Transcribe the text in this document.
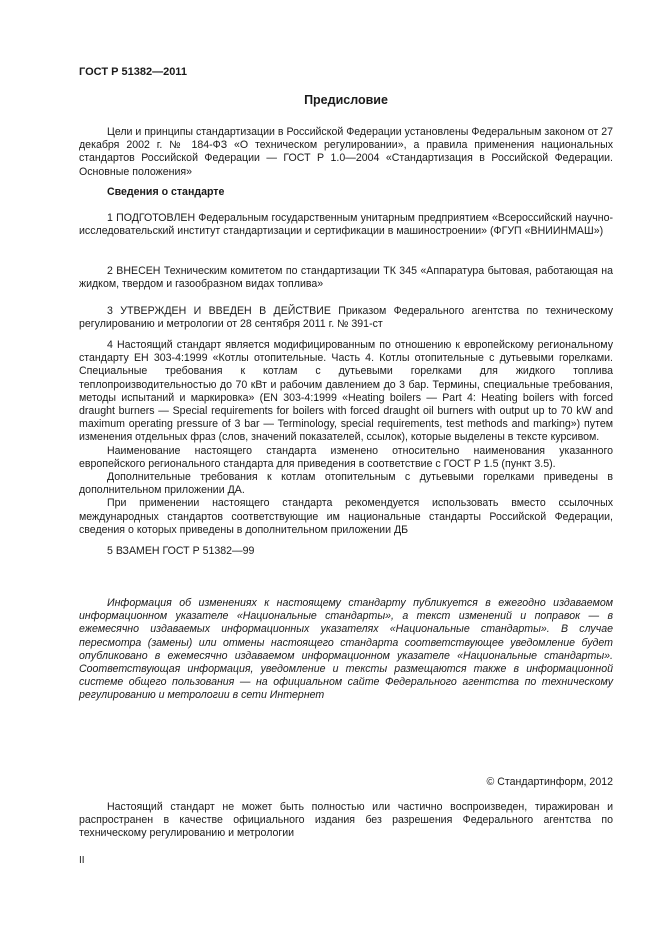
ГОСТ Р 51382—2011
Предисловие

Цели и принципы стандартизации в Российской Федерации установлены Федеральным законом от 27 декабря 2002 г. № 184-ФЗ «О техническом регулировании», а правила применения национальных стандартов Российской Федерации — ГОСТ Р 1.0—2004 «Стандартизация в Российской Федерации. Основные положения»

Сведения о стандарте

1 ПОДГОТОВЛЕН Федеральным государственным унитарным предприятием «Всероссийский научно-исследовательский институт стандартизации и сертификации в машиностроении» (ФГУП «ВНИИНМАШ»)

2 ВНЕСЕН Техническим комитетом по стандартизации ТК 345 «Аппаратура бытовая, работающая на жидком, твердом и газообразном видах топлива»

3 УТВЕРЖДЕН И ВВЕДЕН В ДЕЙСТВИЕ Приказом Федерального агентства по техническому регулированию и метрологии от 28 сентября 2011 г. № 391-ст

4 Настоящий стандарт является модифицированным по отношению к европейскому региональному стандарту ЕН 303-4:1999 «Котлы отопительные. Часть 4. Котлы отопительные с дутьевыми горелками. Специальные требования к котлам с дутьевыми горелками для жидкого топлива теплопроизводительностью до 70 кВт и рабочим давлением до 3 бар. Термины, специальные требования, методы испытаний и маркировка» (EN 303-4:1999 «Heating boilers — Part 4: Heating boilers with forced draught burners — Special requirements for boilers with forced draught oil burners with output up to 70 kW and maximum operating pressure of 3 bar — Terminology, special requirements, test methods and marking») путем изменения отдельных фраз (слов, значений показателей, ссылок), которые выделены в тексте курсивом.

Наименование настоящего стандарта изменено относительно наименования указанного европейского регионального стандарта для приведения в соответствие с ГОСТ Р 1.5 (пункт 3.5).

Дополнительные требования к котлам отопительным с дутьевыми горелками приведены в дополнительном приложении ДА.

При применении настоящего стандарта рекомендуется использовать вместо ссылочных международных стандартов соответствующие им национальные стандарты Российской Федерации, сведения о которых приведены в дополнительном приложении ДБ

5 ВЗАМЕН ГОСТ Р 51382—99

Информация об изменениях к настоящему стандарту публикуется в ежегодно издаваемом информационном указателе «Национальные стандарты», а текст изменений и поправок — в ежемесячно издаваемых информационных указателях «Национальные стандарты». В случае пересмотра (замены) или отмены настоящего стандарта соответствующее уведомление будет опубликовано в ежемесячно издаваемом информационном указателе «Национальные стандарты». Соответствующая информация, уведомление и тексты размещаются также в информационной системе общего пользования — на официальном сайте Федерального агентства по техническому регулированию и метрологии в сети Интернет

© Стандартинформ, 2012

Настоящий стандарт не может быть полностью или частично воспроизведен, тиражирован и распространен в качестве официального издания без разрешения Федерального агентства по техническому регулированию и метрологии

II
